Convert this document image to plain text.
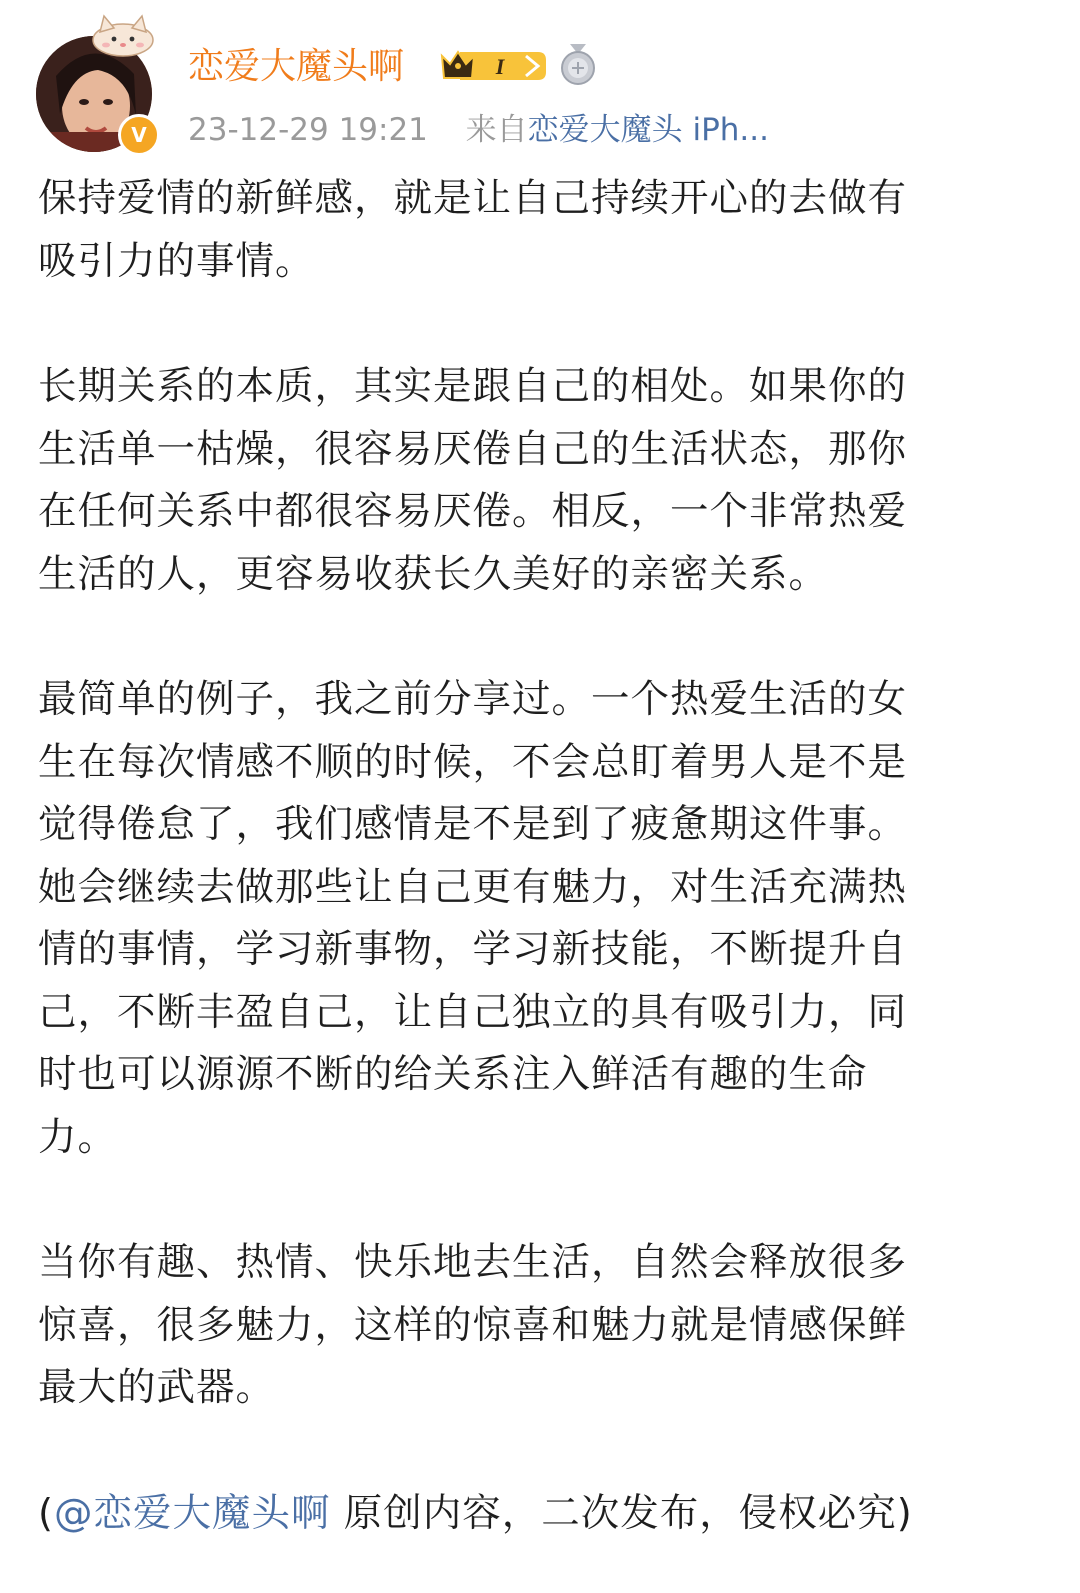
V
恋爱大魔头啊	I
23-12-29 19:21 来自恋爱大魔头 iPh...

保持爱情的新鲜感，就是让自己持续开心的去做有
吸引力的事情。

长期关系的本质，其实是跟自己的相处。如果你的
生活单一枯燥，很容易厌倦自己的生活状态，那你
在任何关系中都很容易厌倦。相反，一个非常热爱
生活的人，更容易收获长久美好的亲密关系。

最简单的例子，我之前分享过。一个热爱生活的女
生在每次情感不顺的时候，不会总盯着男人是不是
觉得倦怠了，我们感情是不是到了疲惫期这件事。
她会继续去做那些让自己更有魅力，对生活充满热
情的事情，学习新事物，学习新技能，不断提升自
己，不断丰盈自己，让自己独立的具有吸引力，同
时也可以源源不断的给关系注入鲜活有趣的生命
力。

当你有趣、热情、快乐地去生活，自然会释放很多
惊喜，很多魅力，这样的惊喜和魅力就是情感保鲜
最大的武器。

(@恋爱大魔头啊 原创内容，二次发布，侵权必究)
